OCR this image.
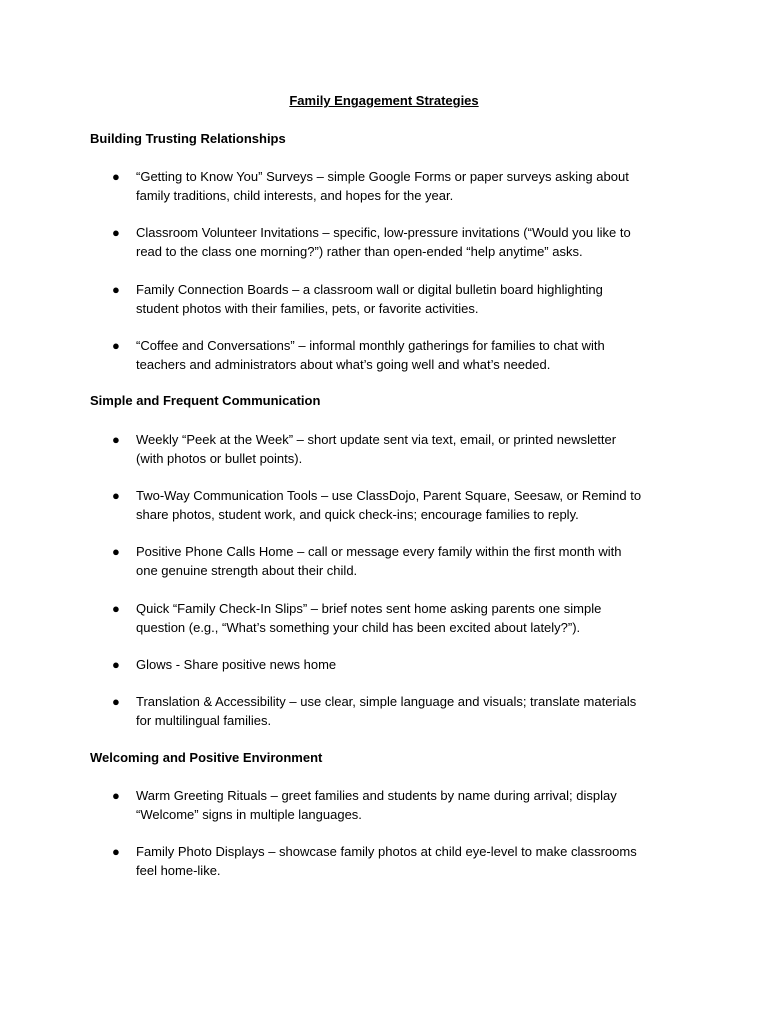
Family Engagement Strategies
Building Trusting Relationships
● “Getting to Know You” Surveys – simple Google Forms or paper surveys asking about
family traditions, child interests, and hopes for the year.
● Classroom Volunteer Invitations – specific, low-pressure invitations (“Would you like to
read to the class one morning?”) rather than open-ended “help anytime” asks.
● Family Connection Boards – a classroom wall or digital bulletin board highlighting
student photos with their families, pets, or favorite activities.
● “Coffee and Conversations” – informal monthly gatherings for families to chat with
teachers and administrators about what’s going well and what’s needed.
Simple and Frequent Communication
● Weekly “Peek at the Week” – short update sent via text, email, or printed newsletter
(with photos or bullet points).
● Two-Way Communication Tools – use ClassDojo, Parent Square, Seesaw, or Remind to
share photos, student work, and quick check-ins; encourage families to reply.
● Positive Phone Calls Home – call or message every family within the first month with
one genuine strength about their child.
● Quick “Family Check-In Slips” – brief notes sent home asking parents one simple
question (e.g., “What’s something your child has been excited about lately?”).
● Glows - Share positive news home
● Translation & Accessibility – use clear, simple language and visuals; translate materials
for multilingual families.
Welcoming and Positive Environment
● Warm Greeting Rituals – greet families and students by name during arrival; display
“Welcome” signs in multiple languages.
● Family Photo Displays – showcase family photos at child eye-level to make classrooms
feel home-like.
